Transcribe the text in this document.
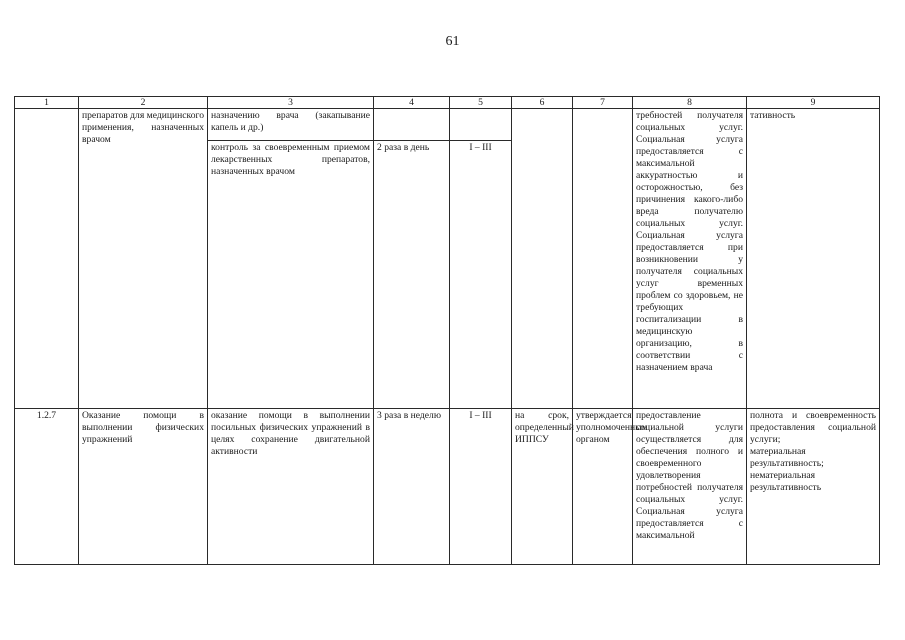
61
1	2	3	4	5	6	7	8	9
	препаратов для медицинского применения, назначенных врачом	назначению врача (закапывание капель и др.)					требностей получателя социальных услуг. Социальная услуга предоставляется с максимальной аккуратностью и осторожностью, без причинения какого-либо вреда получателю социальных услуг. Социальная услуга предоставляется при возникновении у получателя социальных услуг временных проблем со здоровьем, не требующих госпитализации в медицинскую организацию, в соответствии с назначением врача	тативность
		контроль за своевременным приемом лекарственных препаратов, назначенных врачом	2 раза в день	I – III				
1.2.7	Оказание помощи в выполнении физических упражнений	оказание помощи в выполнении посильных физических упражнений в целях сохранение двигательной активности	3 раза в неделю	I – III	на срок, определенный ИППСУ	утверждается уполномоченным органом	предоставление социальной услуги осуществляется для обеспечения полного и своевременного удовлетворения потребностей получателя социальных услуг. Социальная услуга предоставляется с максимальной	полнота и своевременность предоставления социальной услуги;
материальная результативность;
нематериальная результативность
